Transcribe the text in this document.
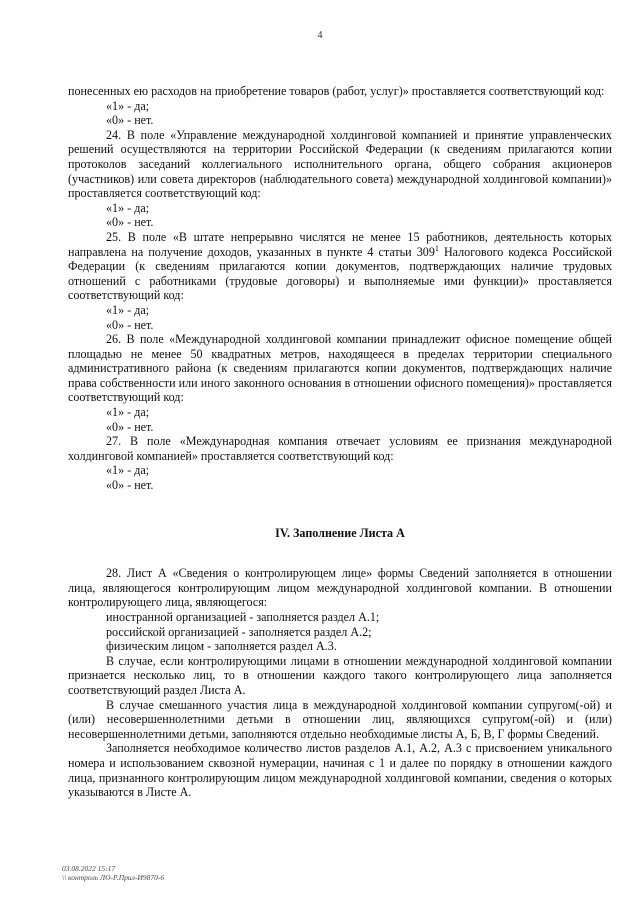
4

понесенных ею расходов на приобретение товаров (работ, услуг)» проставляется соответствующий код:

«1» - да;

«0» - нет.

24. В поле «Управление международной холдинговой компанией и принятие управленческих решений осуществляются на территории Российской Федерации (к сведениям прилагаются копии протоколов заседаний коллегиального исполнительного органа, общего собрания акционеров (участников) или совета директоров (наблюдательного совета) международной холдинговой компании)» проставляется соответствующий код:

«1» - да;

«0» - нет.

25. В поле «В штате непрерывно числятся не менее 15 работников, деятельность которых направлена на получение доходов, указанных в пункте 4 статьи $309^1$ Налогового кодекса Российской Федерации (к сведениям прилагаются копии документов, подтверждающих наличие трудовых отношений с работниками (трудовые договоры) и выполняемые ими функции)» проставляется соответствующий код:

«1» - да;

«0» - нет.

26. В поле «Международной холдинговой компании принадлежит офисное помещение общей площадью не менее 50 квадратных метров, находящееся в пределах территории специального административного района (к сведениям прилагаются копии документов, подтверждающих наличие права собственности или иного законного основания в отношении офисного помещения)» проставляется соответствующий код:

«1» - да;

«0» - нет.

27. В поле «Международная компания отвечает условиям ее признания международной холдинговой компанией» проставляется соответствующий код:

«1» - да;

«0» - нет.

IV. Заполнение Листа А

28. Лист А «Сведения о контролирующем лице» формы Сведений заполняется в отношении лица, являющегося контролирующим лицом международной холдинговой компании. В отношении контролирующего лица, являющегося:

иностранной организацией - заполняется раздел А.1;

российской организацией - заполняется раздел А.2;

физическим лицом - заполняется раздел А.3.

В случае, если контролирующими лицами в отношении международной холдинговой компании признается несколько лиц, то в отношении каждого такого контролирующего лица заполняется соответствующий раздел Листа А.

В случае смешанного участия лица в международной холдинговой компании супругом(-ой) и (или) несовершеннолетними детьми в отношении лиц, являющихся супругом(-ой) и (или) несовершеннолетними детьми, заполняются отдельно необходимые листы А, Б, В, Г формы Сведений.

Заполняется необходимое количество листов разделов А.1, А.2, А.3 с присвоением уникального номера и использованием сквозной нумерации, начиная с 1 и далее по порядку в отношении каждого лица, признанного контролирующим лицом международной холдинговой компании, сведения о которых указываются в Листе А.

03.08.2022 15:17
\\ контроль ЛО-Р.Прил-И9870-6
